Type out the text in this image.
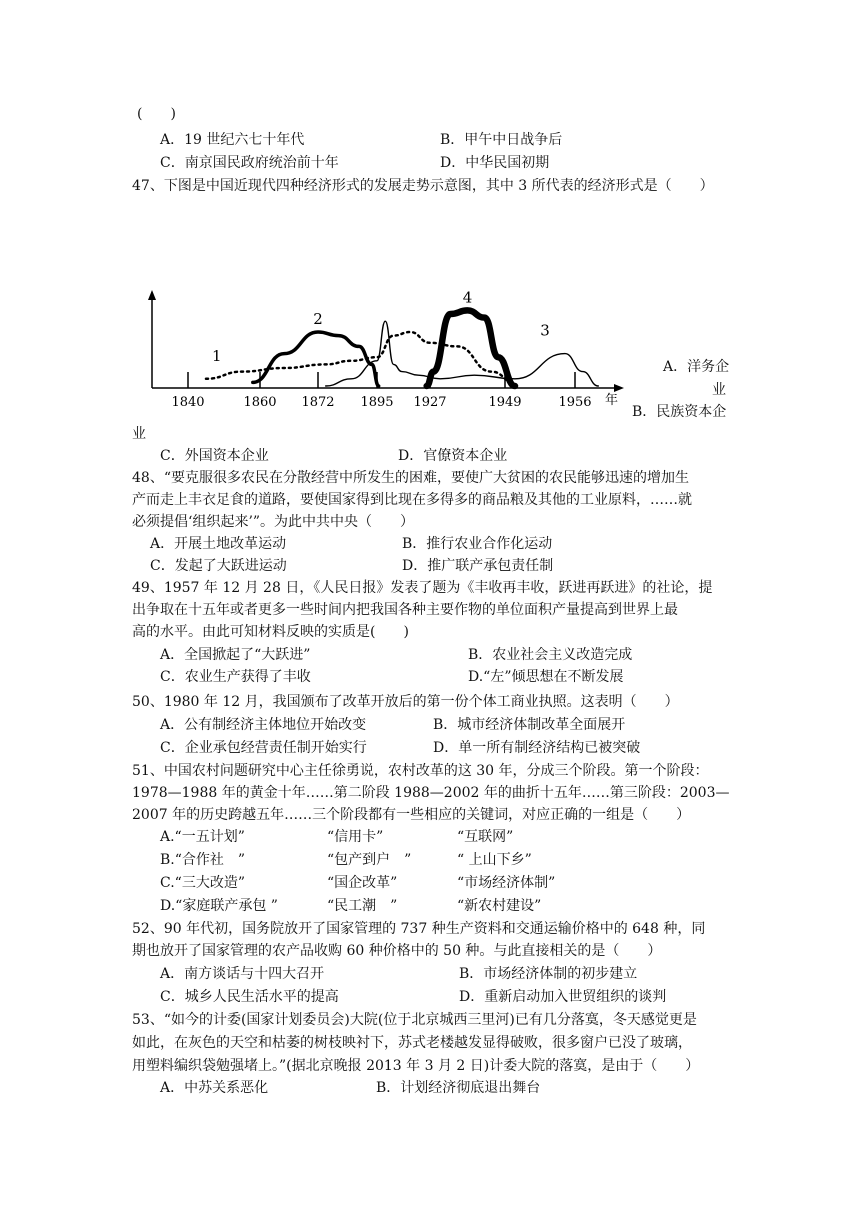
(　　)
A．19 世纪六七十年代	B．甲午中日战争后
C．南京国民政府统治前十年	D．中华民国初期
47、下图是中国近现代四种经济形式的发展走势示意图，其中 3 所代表的经济形式是（　　）
1840	1860 1872 1895 1927	1949	1956 年
1
2
3
4
A．洋务企
业
B．民族资本企
业
C．外国资本企业	D．官僚资本企业
48、“要克服很多农民在分散经营中所发生的困难，要使广大贫困的农民能够迅速的增加生
产而走上丰衣足食的道路，要使国家得到比现在多得多的商品粮及其他的工业原料，……就
必须提倡‘组织起来’”。为此中共中央（　　）
A．开展土地改革运动	B．推行农业合作化运动
C．发起了大跃进运动	D．推广联产承包责任制
49、1957 年 12 月 28 日，《人民日报》发表了题为《丰收再丰收，跃进再跃进》的社论，提
出争取在十五年或者更多一些时间内把我国各种主要作物的单位面积产量提高到世界上最
高的水平。由此可知材料反映的实质是(　　)
A．全国掀起了“大跃进”	B．农业社会主义改造完成
C．农业生产获得了丰收	D.“左”倾思想在不断发展
50、1980 年 12 月，我国颁布了改革开放后的第一份个体工商业执照。这表明（　　）
A．公有制经济主体地位开始改变	B．城市经济体制改革全面展开
C．企业承包经营责任制开始实行	D．单一所有制经济结构已被突破
51、中国农村问题研究中心主任徐勇说，农村改革的这 30 年，分成三个阶段。第一个阶段：
1978—1988 年的黄金十年……第二阶段 1988—2002 年的曲折十五年……第三阶段：2003—
2007 年的历史跨越五年……三个阶段都有一些相应的关键词，对应正确的一组是（　　）
A.“一五计划”	“信用卡”	“互联网”
B.“合作社　”	“包产到户　”	“ 上山下乡”
C.“三大改造”	“国企改革”	“市场经济体制”
D.“家庭联产承包 ”	“民工潮　”	“新农村建设”
52、90 年代初，国务院放开了国家管理的 737 种生产资料和交通运输价格中的 648 种，同
期也放开了国家管理的农产品收购 60 种价格中的 50 种。与此直接相关的是（　　）
A．南方谈话与十四大召开	B．市场经济体制的初步建立
C．城乡人民生活水平的提高	D．重新启动加入世贸组织的谈判
53、“如今的计委(国家计划委员会)大院(位于北京城西三里河)已有几分落寞，冬天感觉更是
如此，在灰色的天空和枯萎的树枝映衬下，苏式老楼越发显得破败，很多窗户已没了玻璃，
用塑料编织袋勉强堵上。”(据北京晚报 2013 年 3 月 2 日)计委大院的落寞，是由于（　　）
A．中苏关系恶化	B．计划经济彻底退出舞台
